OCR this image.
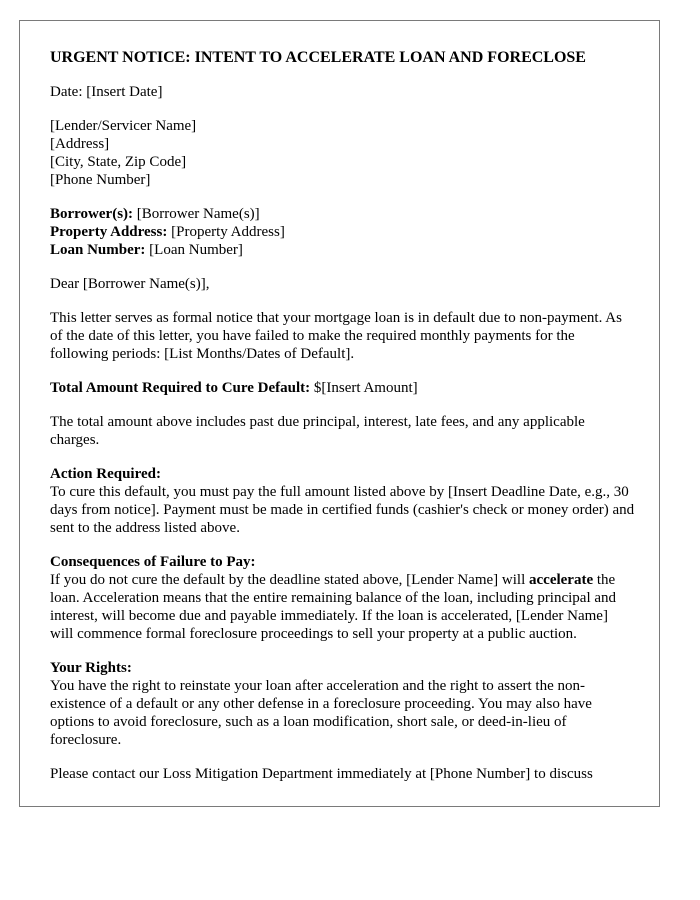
URGENT NOTICE: INTENT TO ACCELERATE LOAN AND FORECLOSE

Date: [Insert Date]

[Lender/Servicer Name]
[Address]
[City, State, Zip Code]
[Phone Number]

Borrower(s): [Borrower Name(s)]
Property Address: [Property Address]
Loan Number: [Loan Number]

Dear [Borrower Name(s)],

This letter serves as formal notice that your mortgage loan is in default due to non-payment. As of the date of this letter, you have failed to make the required monthly payments for the following periods: [List Months/Dates of Default].

Total Amount Required to Cure Default: $[Insert Amount]

The total amount above includes past due principal, interest, late fees, and any applicable charges.

Action Required:
To cure this default, you must pay the full amount listed above by [Insert Deadline Date, e.g., 30 days from notice]. Payment must be made in certified funds (cashier's check or money order) and sent to the address listed above.

Consequences of Failure to Pay:
If you do not cure the default by the deadline stated above, [Lender Name] will accelerate the loan. Acceleration means that the entire remaining balance of the loan, including principal and interest, will become due and payable immediately. If the loan is accelerated, [Lender Name] will commence formal foreclosure proceedings to sell your property at a public auction.

Your Rights:
You have the right to reinstate your loan after acceleration and the right to assert the non-existence of a default or any other defense in a foreclosure proceeding. You may also have options to avoid foreclosure, such as a loan modification, short sale, or deed-in-lieu of foreclosure.

Please contact our Loss Mitigation Department immediately at [Phone Number] to discuss
